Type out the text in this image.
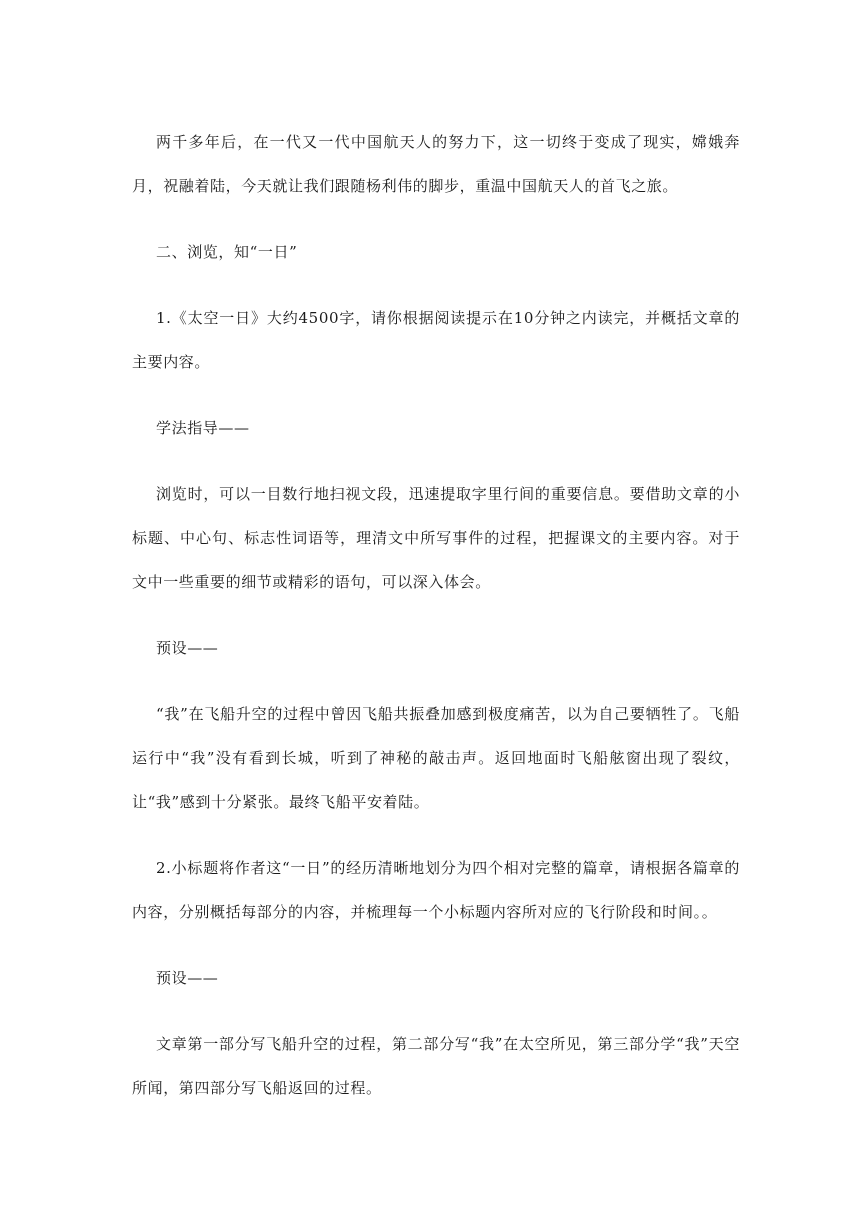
两千多年后，在一代又一代中国航天人的努力下，这一切终于变成了现实，嫦娥奔月，祝融着陆，今天就让我们跟随杨利伟的脚步，重温中国航天人的首飞之旅。

二、浏览，知“一日”

1.《太空一日》大约4500字，请你根据阅读提示在10分钟之内读完，并概括文章的主要内容。

学法指导——

浏览时，可以一目数行地扫视文段，迅速提取字里行间的重要信息。要借助文章的小标题、中心句、标志性词语等，理清文中所写事件的过程，把握课文的主要内容。对于文中一些重要的细节或精彩的语句，可以深入体会。

预设——

“我”在飞船升空的过程中曾因飞船共振叠加感到极度痛苦，以为自己要牺牲了。飞船运行中“我”没有看到长城，听到了神秘的敲击声。返回地面时飞船舷窗出现了裂纹，让“我”感到十分紧张。最终飞船平安着陆。

2.小标题将作者这“一日”的经历清晰地划分为四个相对完整的篇章，请根据各篇章的内容，分别概括每部分的内容，并梳理每一个小标题内容所对应的飞行阶段和时间。。

预设——

文章第一部分写飞船升空的过程，第二部分写“我”在太空所见，第三部分学“我”天空所闻，第四部分写飞船返回的过程。
